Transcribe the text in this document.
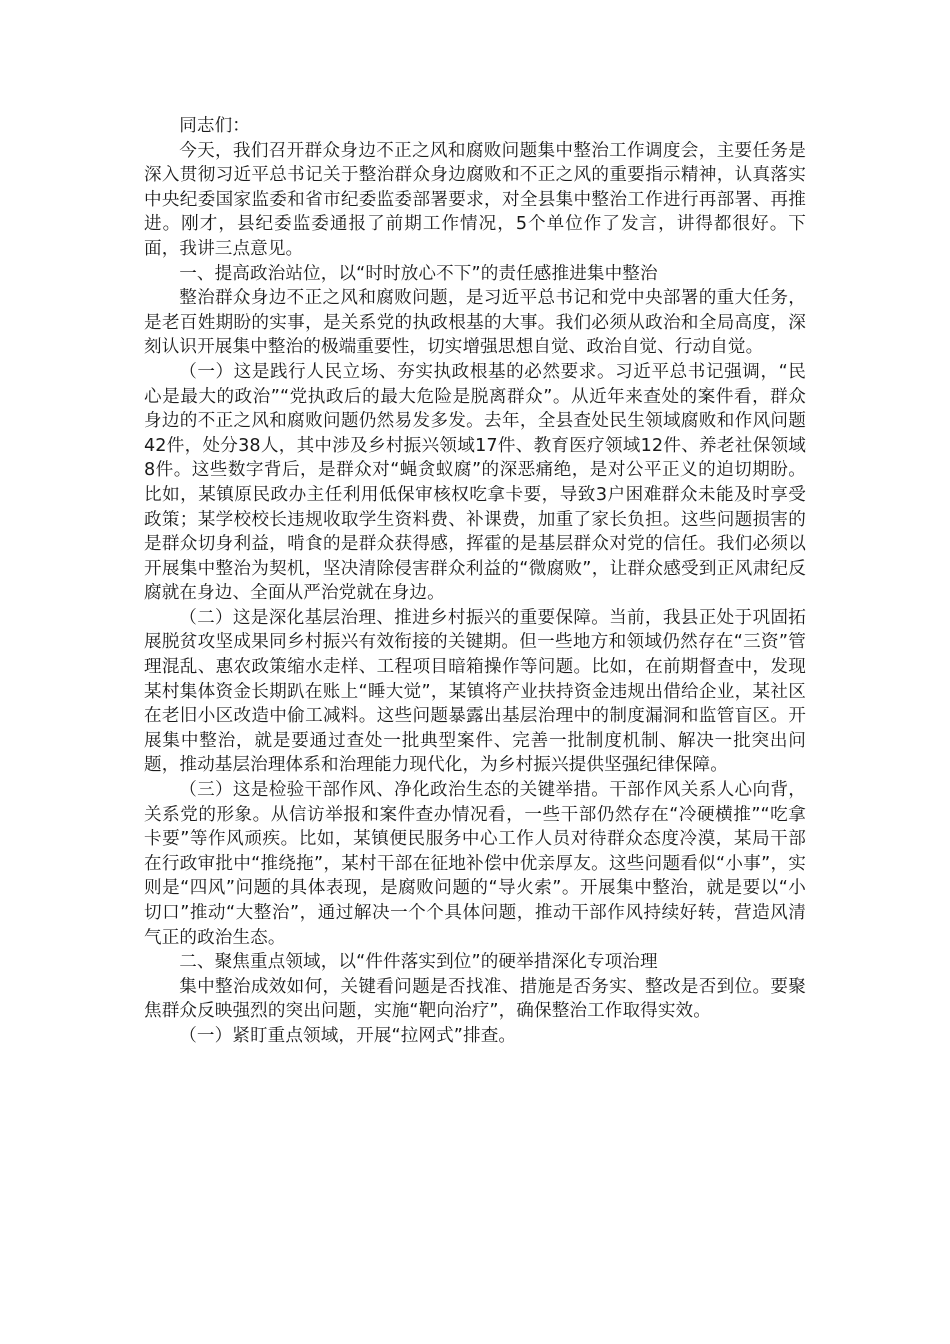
同志们：

今天，我们召开群众身边不正之风和腐败问题集中整治工作调度会，主要任务是深入贯彻习近平总书记关于整治群众身边腐败和不正之风的重要指示精神，认真落实中央纪委国家监委和省市纪委监委部署要求，对全县集中整治工作进行再部署、再推进。刚才，县纪委监委通报了前期工作情况，5个单位作了发言，讲得都很好。下面，我讲三点意见。

一、提高政治站位，以“时时放心不下”的责任感推进集中整治

整治群众身边不正之风和腐败问题，是习近平总书记和党中央部署的重大任务，是老百姓期盼的实事，是关系党的执政根基的大事。我们必须从政治和全局高度，深刻认识开展集中整治的极端重要性，切实增强思想自觉、政治自觉、行动自觉。

（一）这是践行人民立场、夯实执政根基的必然要求。习近平总书记强调，“民心是最大的政治”“党执政后的最大危险是脱离群众”。从近年来查处的案件看，群众身边的不正之风和腐败问题仍然易发多发。去年，全县查处民生领域腐败和作风问题42件，处分38人，其中涉及乡村振兴领域17件、教育医疗领域12件、养老社保领域8件。这些数字背后，是群众对“蝇贪蚁腐”的深恶痛绝，是对公平正义的迫切期盼。比如，某镇原民政办主任利用低保审核权吃拿卡要，导致3户困难群众未能及时享受政策；某学校校长违规收取学生资料费、补课费，加重了家长负担。这些问题损害的是群众切身利益，啃食的是群众获得感，挥霍的是基层群众对党的信任。我们必须以开展集中整治为契机，坚决清除侵害群众利益的“微腐败”，让群众感受到正风肃纪反腐就在身边、全面从严治党就在身边。

（二）这是深化基层治理、推进乡村振兴的重要保障。当前，我县正处于巩固拓展脱贫攻坚成果同乡村振兴有效衔接的关键期。但一些地方和领域仍然存在“三资”管理混乱、惠农政策缩水走样、工程项目暗箱操作等问题。比如，在前期督查中，发现某村集体资金长期趴在账上“睡大觉”，某镇将产业扶持资金违规出借给企业，某社区在老旧小区改造中偷工减料。这些问题暴露出基层治理中的制度漏洞和监管盲区。开展集中整治，就是要通过查处一批典型案件、完善一批制度机制、解决一批突出问题，推动基层治理体系和治理能力现代化，为乡村振兴提供坚强纪律保障。

（三）这是检验干部作风、净化政治生态的关键举措。干部作风关系人心向背，关系党的形象。从信访举报和案件查办情况看，一些干部仍然存在“冷硬横推”“吃拿卡要”等作风顽疾。比如，某镇便民服务中心工作人员对待群众态度冷漠，某局干部在行政审批中“推绕拖”，某村干部在征地补偿中优亲厚友。这些问题看似“小事”，实则是“四风”问题的具体表现，是腐败问题的“导火索”。开展集中整治，就是要以“小切口”推动“大整治”，通过解决一个个具体问题，推动干部作风持续好转，营造风清气正的政治生态。

二、聚焦重点领域，以“件件落实到位”的硬举措深化专项治理

集中整治成效如何，关键看问题是否找准、措施是否务实、整改是否到位。要聚焦群众反映强烈的突出问题，实施“靶向治疗”，确保整治工作取得实效。

（一）紧盯重点领域，开展“拉网式”排查。
